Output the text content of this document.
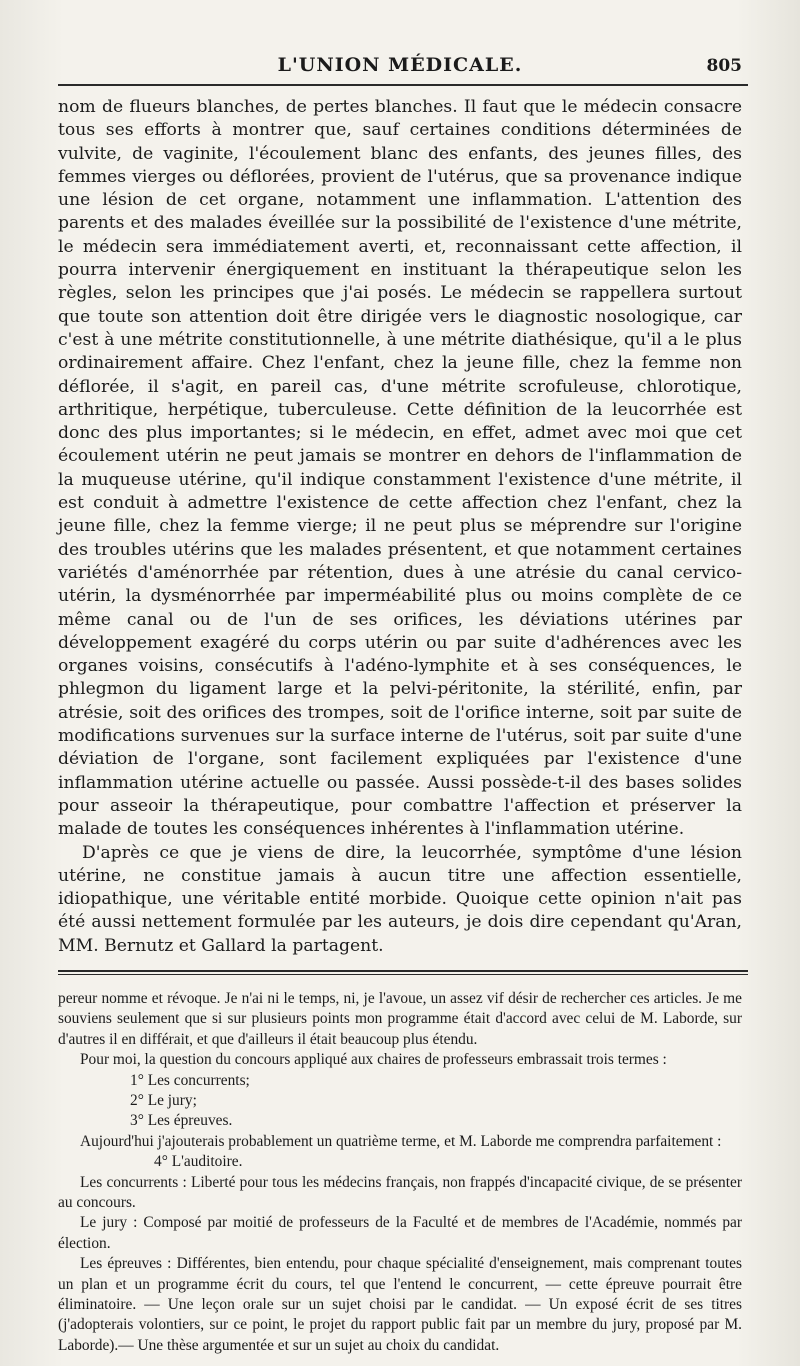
L'UNION MÉDICALE.	805

nom de flueurs blanches, de pertes blanches. Il faut que le médecin consacre tous ses efforts à montrer que, sauf certaines conditions déterminées de vulvite, de vaginite, l'écoulement blanc des enfants, des jeunes filles, des femmes vierges ou déflorées, provient de l'utérus, que sa provenance indique une lésion de cet organe, notamment une inflammation. L'attention des parents et des malades éveillée sur la possibilité de l'existence d'une métrite, le médecin sera immédiatement averti, et, reconnaissant cette affection, il pourra intervenir énergiquement en instituant la thérapeutique selon les règles, selon les principes que j'ai posés. Le médecin se rappellera surtout que toute son attention doit être dirigée vers le diagnostic nosologique, car c'est à une métrite constitutionnelle, à une métrite diathésique, qu'il a le plus ordinairement affaire. Chez l'enfant, chez la jeune fille, chez la femme non déflorée, il s'agit, en pareil cas, d'une métrite scrofuleuse, chlorotique, arthritique, herpétique, tuberculeuse. Cette définition de la leucorrhée est donc des plus importantes; si le médecin, en effet, admet avec moi que cet écoulement utérin ne peut jamais se montrer en dehors de l'inflammation de la muqueuse utérine, qu'il indique constamment l'existence d'une métrite, il est conduit à admettre l'existence de cette affection chez l'enfant, chez la jeune fille, chez la femme vierge; il ne peut plus se méprendre sur l'origine des troubles utérins que les malades présentent, et que notamment certaines variétés d'aménorrhée par rétention, dues à une atrésie du canal cervico-utérin, la dysménorrhée par imperméabilité plus ou moins complète de ce même canal ou de l'un de ses orifices, les déviations utérines par développement exagéré du corps utérin ou par suite d'adhérences avec les organes voisins, consécutifs à l'adéno-lymphite et à ses conséquences, le phlegmon du ligament large et la pelvi-péritonite, la stérilité, enfin, par atrésie, soit des orifices des trompes, soit de l'orifice interne, soit par suite de modifications survenues sur la surface interne de l'utérus, soit par suite d'une déviation de l'organe, sont facilement expliquées par l'existence d'une inflammation utérine actuelle ou passée. Aussi possède-t-il des bases solides pour asseoir la thérapeutique, pour combattre l'affection et préserver la malade de toutes les conséquences inhérentes à l'inflammation utérine.

D'après ce que je viens de dire, la leucorrhée, symptôme d'une lésion utérine, ne constitue jamais à aucun titre une affection essentielle, idiopathique, une véritable entité morbide. Quoique cette opinion n'ait pas été aussi nettement formulée par les auteurs, je dois dire cependant qu'Aran, MM. Bernutz et Gallard la partagent.

pereur nomme et révoque. Je n'ai ni le temps, ni, je l'avoue, un assez vif désir de rechercher ces articles. Je me souviens seulement que si sur plusieurs points mon programme était d'accord avec celui de M. Laborde, sur d'autres il en différait, et que d'ailleurs il était beaucoup plus étendu.

Pour moi, la question du concours appliqué aux chaires de professeurs embrassait trois termes :

1° Les concurrents;

2° Le jury;

3° Les épreuves.

Aujourd'hui j'ajouterais probablement un quatrième terme, et M. Laborde me comprendra parfaitement :

4° L'auditoire.

Les concurrents : Liberté pour tous les médecins français, non frappés d'incapacité civique, de se présenter au concours.

Le jury : Composé par moitié de professeurs de la Faculté et de membres de l'Académie, nommés par élection.

Les épreuves : Différentes, bien entendu, pour chaque spécialité d'enseignement, mais comprenant toutes un plan et un programme écrit du cours, tel que l'entend le concurrent, — cette épreuve pourrait être éliminatoire. — Une leçon orale sur un sujet choisi par le candidat. — Un exposé écrit de ses titres (j'adopterais volontiers, sur ce point, le projet du rapport public fait par un membre du jury, proposé par M. Laborde).— Une thèse argumentée et sur un sujet au choix du candidat.
